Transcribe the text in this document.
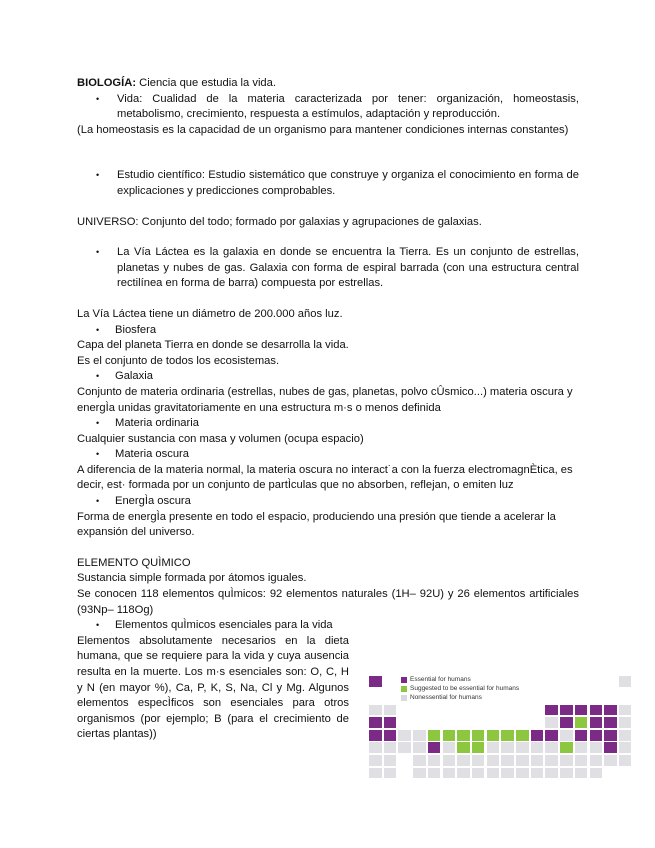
BIOLOGÍA: Ciencia que estudia la vida.

•	Vida: Cualidad de la materia caracterizada por tener: organización, homeostasis, metabolismo, crecimiento, respuesta a estímulos, adaptación y reproducción.

(La homeostasis es la capacidad de un organismo para mantener condiciones internas constantes)

•	Estudio científico: Estudio sistemático que construye y organiza el conocimiento en forma de explicaciones y predicciones comprobables.

UNIVERSO: Conjunto del todo; formado por galaxias y agrupaciones de galaxias.

•	La Vía Láctea es la galaxia en donde se encuentra la Tierra. Es un conjunto de estrellas, planetas y nubes de gas. Galaxia con forma de espiral barrada (con una estructura central rectilínea en forma de barra) compuesta por estrellas.

La Vía Láctea tiene un diámetro de 200.000 años luz.

•	Biosfera

Capa del planeta Tierra en donde se desarrolla la vida.

Es el conjunto de todos los ecosistemas.

•	Galaxia

Conjunto de materia ordinaria (estrellas, nubes de gas, planetas, polvo cÛsmico...) materia oscura y energÌa unidas gravitatoriamente en una estructura m·s o menos definida

•	Materia ordinaria

Cualquier sustancia con masa y volumen (ocupa espacio)

•	Materia oscura

A diferencia de la materia normal, la materia oscura no interact˙a con la fuerza electromagnÈtica, es decir, est· formada por un conjunto de partÌculas que no absorben, reflejan, o emiten luz

•	EnergÌa oscura

Forma de energÌa presente en todo el espacio, produciendo una presión que tiende a acelerar la expansión del universo.

ELEMENTO QUÌMICO

Sustancia simple formada por átomos iguales.

Se conocen 118 elementos quÌmicos: 92 elementos naturales (1H– 92U) y 26 elementos artificiales (93Np– 118Og)

•	Elementos quÌmicos esenciales para la vida

Elementos absolutamente necesarios en la dieta humana, que se requiere para la vida y cuya ausencia resulta en la muerte. Los m·s esenciales son: O, C, H y N (en mayor %), Ca, P, K, S, Na, Cl y Mg. Algunos elementos especÌficos son esenciales para otros organismos (por ejemplo; B (para el crecimiento de ciertas plantas))

Essential for humans
Suggested to be essential for humans
Nonessential for humans
